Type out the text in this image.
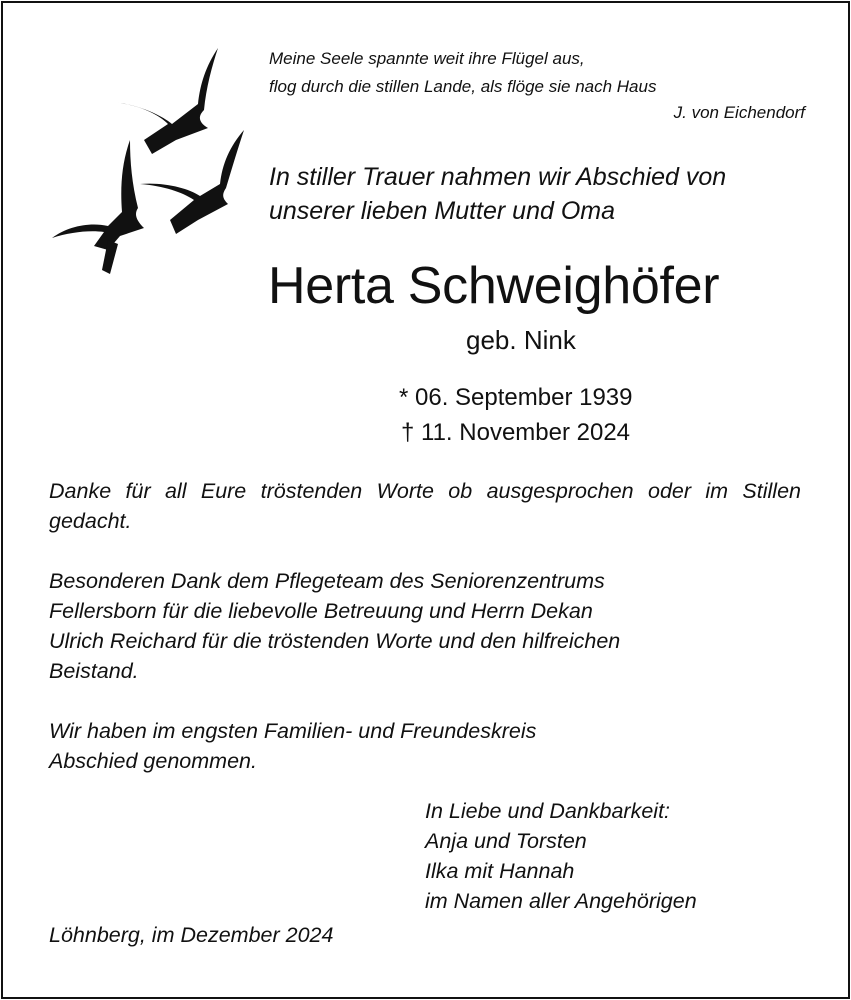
Meine Seele spannte weit ihre Flügel aus,
flog durch die stillen Lande, als flöge sie nach Haus
J. von Eichendorf
In stiller Trauer nahmen wir Abschied von
unserer lieben Mutter und Oma
Herta Schweighöfer
geb. Nink
* 06. September 1939
† 11. November 2024
Danke für all Eure tröstenden Worte ob ausgesprochen oder im Stillen gedacht.
Besonderen Dank dem Pflegeteam des Seniorenzentrums
Fellersborn für die liebevolle Betreuung und Herrn Dekan
Ulrich Reichard für die tröstenden Worte und den hilfreichen
Beistand.
Wir haben im engsten Familien- und Freundeskreis
Abschied genommen.
In Liebe und Dankbarkeit:
Anja und Torsten
Ilka mit Hannah
im Namen aller Angehörigen
Löhnberg, im Dezember 2024
